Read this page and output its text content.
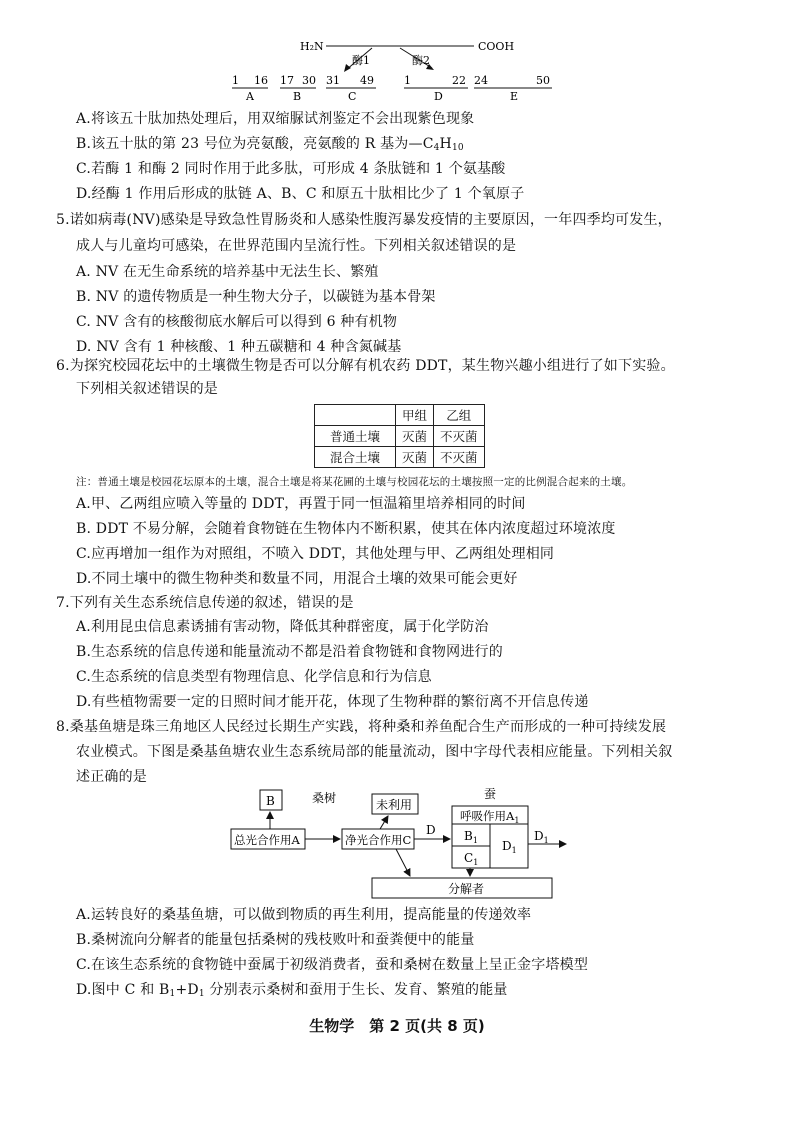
H₂N	COOH
酶1	酶2
1 16
A
17 30
B
31 49
C
1	22
D
24	50
E
A.将该五十肽加热处理后，用双缩脲试剂鉴定不会出现紫色现象
B.该五十肽的第 23 号位为亮氨酸，亮氨酸的 R 基为$—C_4H_{10}$
C.若酶 1 和酶 2 同时作用于此多肽，可形成 4 条肽链和 1 个氨基酸
D.经酶 1 作用后形成的肽链 A、B、C 和原五十肽相比少了 1 个氧原子
5.诺如病毒(NV)感染是导致急性胃肠炎和人感染性腹泻暴发疫情的主要原因，一年四季均可发生，
成人与儿童均可感染，在世界范围内呈流行性。下列相关叙述错误的是
A. NV 在无生命系统的培养基中无法生长、繁殖
B. NV 的遗传物质是一种生物大分子，以碳链为基本骨架
C. NV 含有的核酸彻底水解后可以得到 6 种有机物
D. NV 含有 1 种核酸、1 种五碳糖和 4 种含氮碱基
6.为探究校园花坛中的土壤微生物是否可以分解有机农药 DDT，某生物兴趣小组进行了如下实验。
下列相关叙述错误的是
	甲组	乙组
普通土壤	灭菌	不灭菌
混合土壤	灭菌	不灭菌
注：普通土壤是校园花坛原本的土壤，混合土壤是将某花圃的土壤与校园花坛的土壤按照一定的比例混合起来的土壤。
A.甲、乙两组应喷入等量的 DDT，再置于同一恒温箱里培养相同的时间
B. DDT 不易分解，会随着食物链在生物体内不断积累，使其在体内浓度超过环境浓度
C.应再增加一组作为对照组，不喷入 DDT，其他处理与甲、乙两组处理相同
D.不同土壤中的微生物种类和数量不同，用混合土壤的效果可能会更好
7.下列有关生态系统信息传递的叙述，错误的是
A.利用昆虫信息素诱捕有害动物，降低其种群密度，属于化学防治
B.生态系统的信息传递和能量流动不都是沿着食物链和食物网进行的
C.生态系统的信息类型有物理信息、化学信息和行为信息
D.有些植物需要一定的日照时间才能开花，体现了生物种群的繁衍离不开信息传递
8.桑基鱼塘是珠三角地区人民经过长期生产实践，将种桑和养鱼配合生产而形成的一种可持续发展
农业模式。下图是桑基鱼塘农业生态系统局部的能量流动，图中字母代表相应能量。下列相关叙
述正确的是
B	桑树
总光合作用A	净光合作用C
未利用
D
蚕
呼吸作用$A_1$
$B_1$
$C_1$
$D_1$
$D_1$
分解者
A.运转良好的桑基鱼塘，可以做到物质的再生利用，提高能量的传递效率
B.桑树流向分解者的能量包括桑树的残枝败叶和蚕粪便中的能量
C.在该生态系统的食物链中蚕属于初级消费者，蚕和桑树在数量上呈正金字塔模型
D.图中 C 和 $B_1+D_1$ 分别表示桑树和蚕用于生长、发育、繁殖的能量
生物学　第 2 页(共 8 页)
